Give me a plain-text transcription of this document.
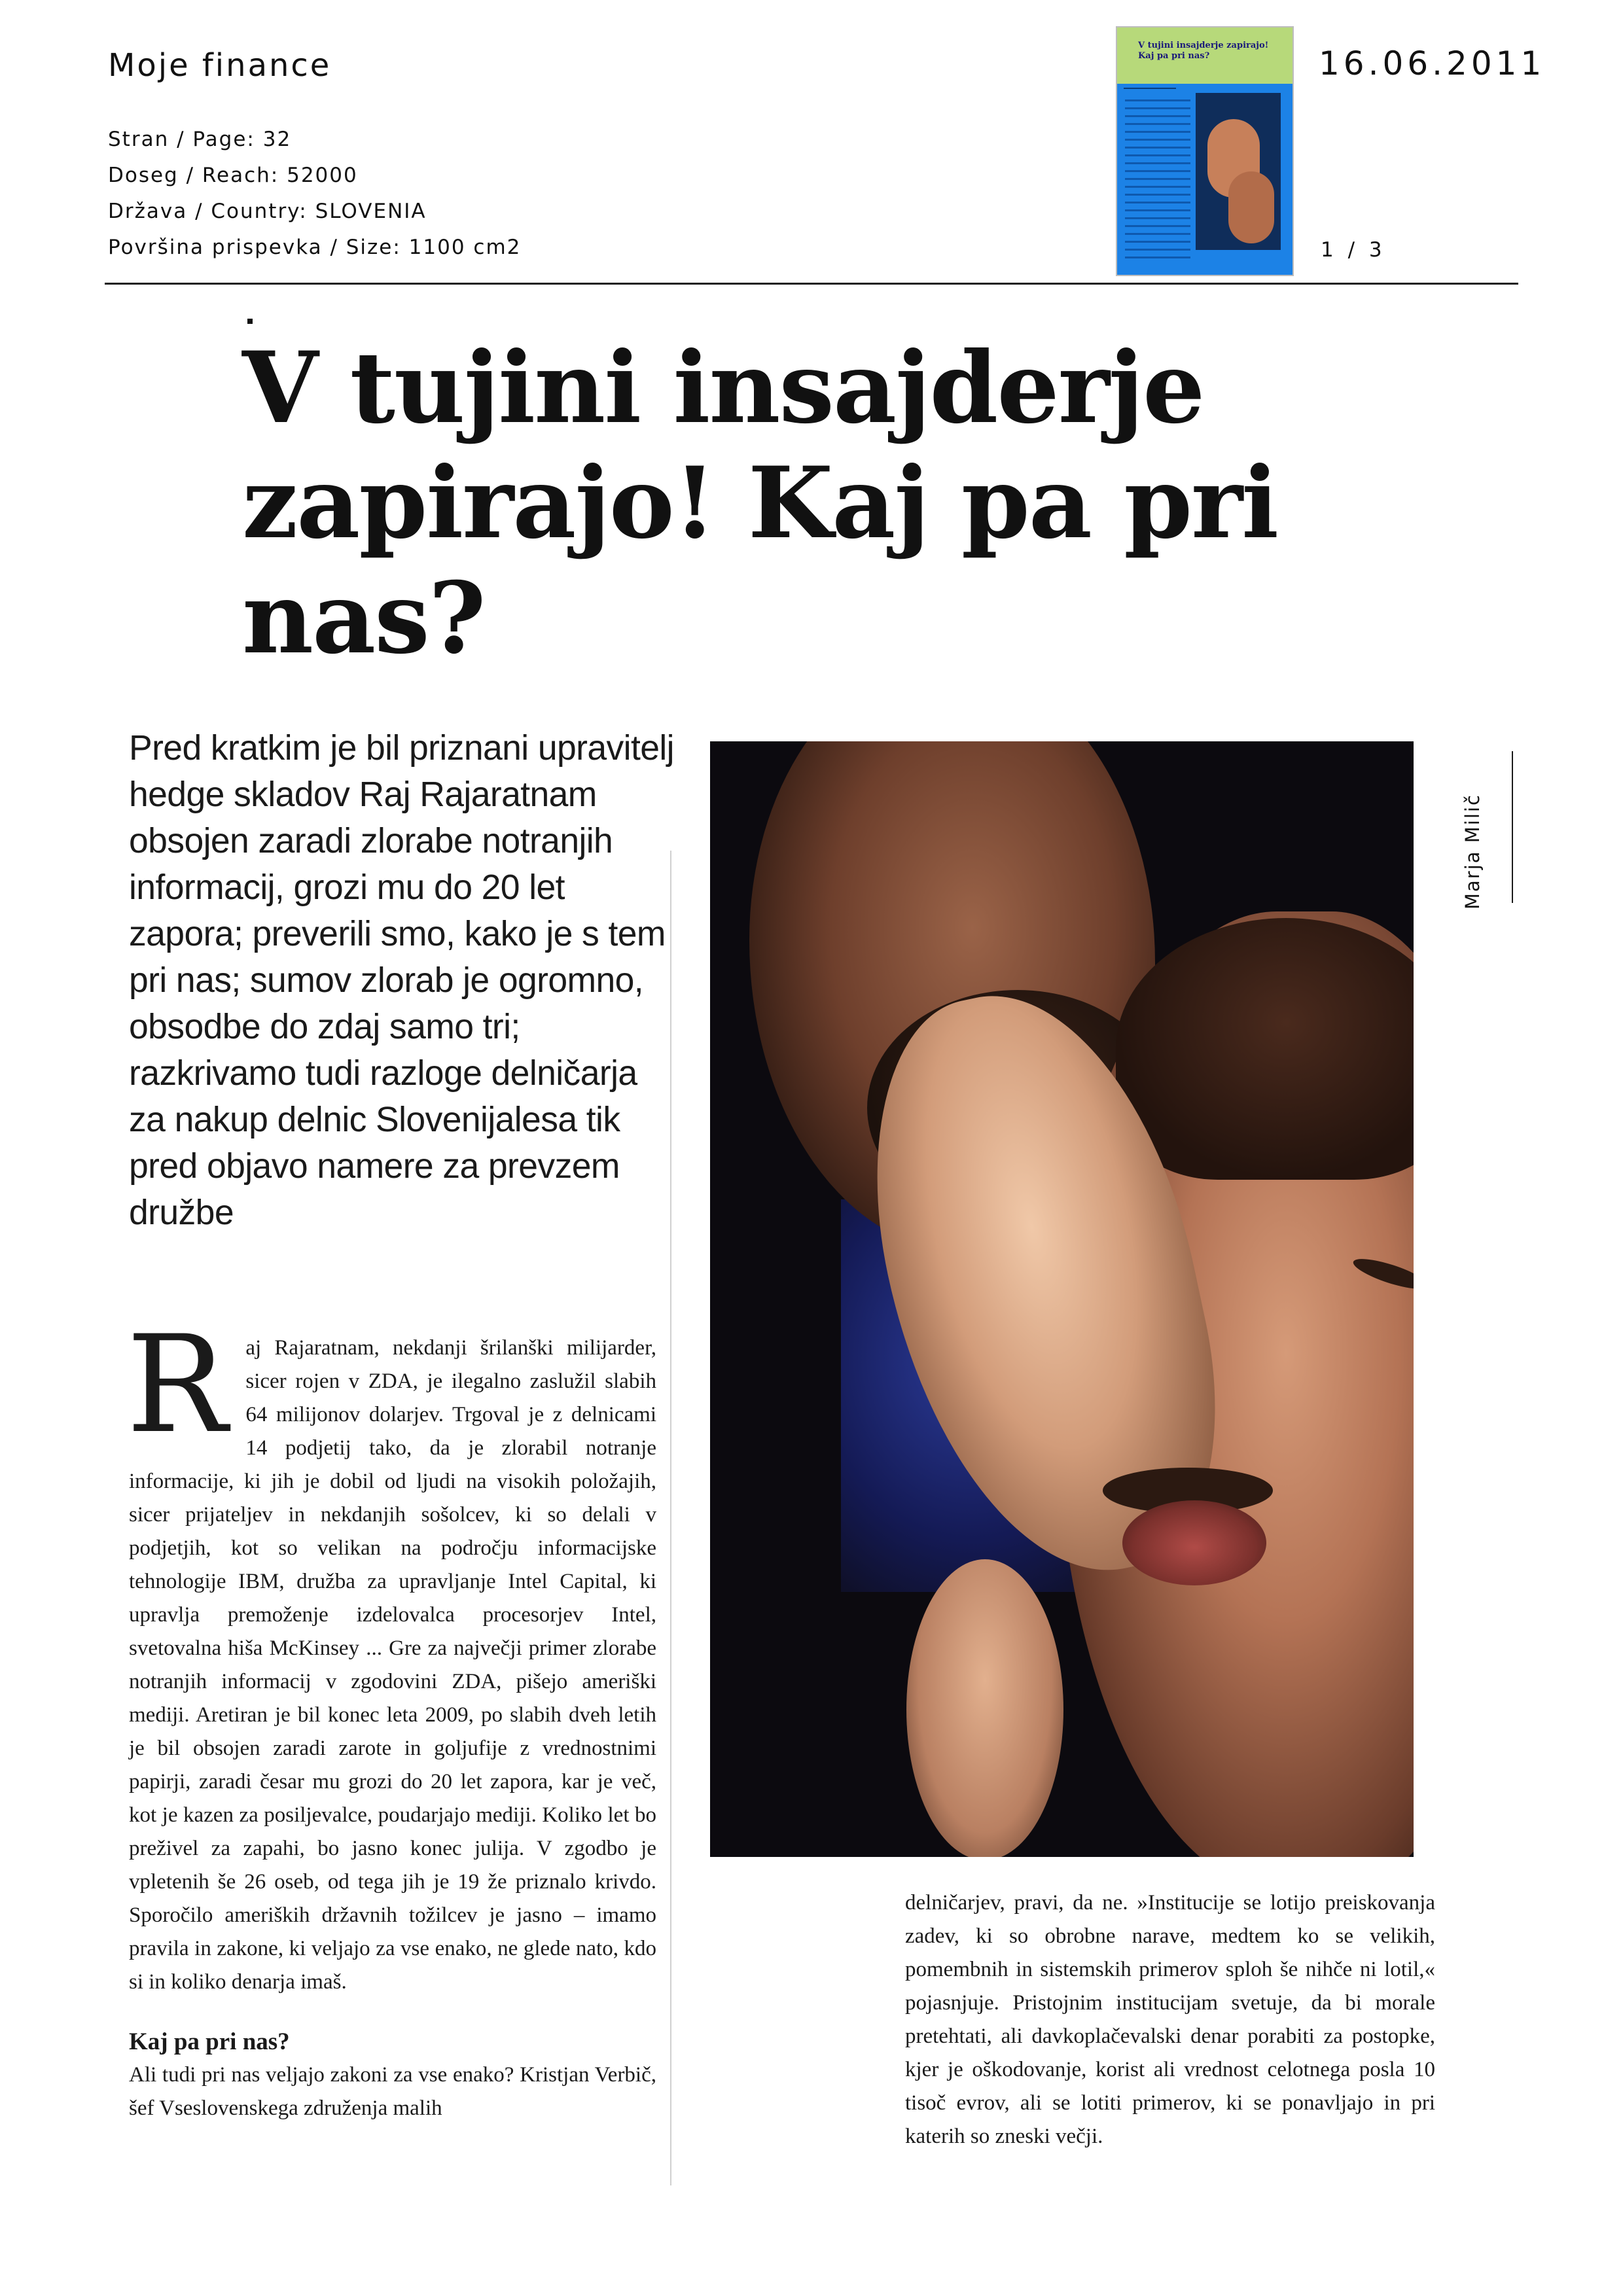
Moje finance
Stran / Page: 32
Doseg / Reach: 52000
Država / Country: SLOVENIA
Površina prispevka / Size: 1100 cm2
V tujini insajderje zapirajo! Kaj pa pri nas?	16.06.2011
1 / 3
V tujini insajderje
zapirajo! Kaj pa pri nas?
Pred kratkim je bil priznani upravitelj hedge skladov Raj Rajaratnam obsojen zaradi zlorabe notranjih informacij, grozi mu do 20 let zapora; preverili smo, kako je s tem pri nas; sumov zlorab je ogromno, obsodbe do zdaj samo tri; razkrivamo tudi razloge delničarja za nakup delnic Slovenijalesa tik pred objavo namere za prevzem družbe
Marja Milič
R aj Rajaratnam, nekdanji šrilanški milijarder, sicer rojen v ZDA, je ilegalno zaslužil slabih 64 milijonov dolarjev. Trgoval je z delnicami 14 podjetij tako, da je zlorabil notranje informacije, ki jih je dobil od ljudi na visokih položajih, sicer prijateljev in nekdanjih sošolcev, ki so delali v podjetjih, kot so velikan na področju informacijske tehnologije IBM, družba za upravljanje Intel Capital, ki upravlja premoženje izdelovalca procesorjev Intel, svetovalna hiša McKinsey ... Gre za največji primer zlorabe notranjih informacij v zgodovini ZDA, pišejo ameriški mediji. Aretiran je bil konec leta 2009, po slabih dveh letih je bil obsojen zaradi zarote in goljufije z vrednostnimi papirji, zaradi česar mu grozi do 20 let zapora, kar je več, kot je kazen za posiljevalce, poudarjajo mediji. Koliko let bo preživel za zapahi, bo jasno konec julija. V zgodbo je vpletenih še 26 oseb, od tega jih je 19 že priznalo krivdo. Sporočilo ameriških državnih tožilcev je jasno – imamo pravila in zakone, ki veljajo za vse enako, ne glede nato, kdo si in koliko denarja imaš.
Kaj pa pri nas?
Ali tudi pri nas veljajo zakoni za vse enako? Kristjan Verbič, šef Vseslovenskega združenja malih
delničarjev, pravi, da ne. »Institucije se lotijo preiskovanja zadev, ki so obrobne narave, medtem ko se velikih, pomembnih in sistemskih primerov sploh še nihče ni lotil,« pojasnjuje. Pristojnim institucijam svetuje, da bi morale pretehtati, ali davkoplačevalski denar porabiti za postopke, kjer je oškodovanje, korist ali vrednost celotnega posla 10 tisoč evrov, ali se lotiti primerov, ki se ponavljajo in pri katerih so zneski večji.
